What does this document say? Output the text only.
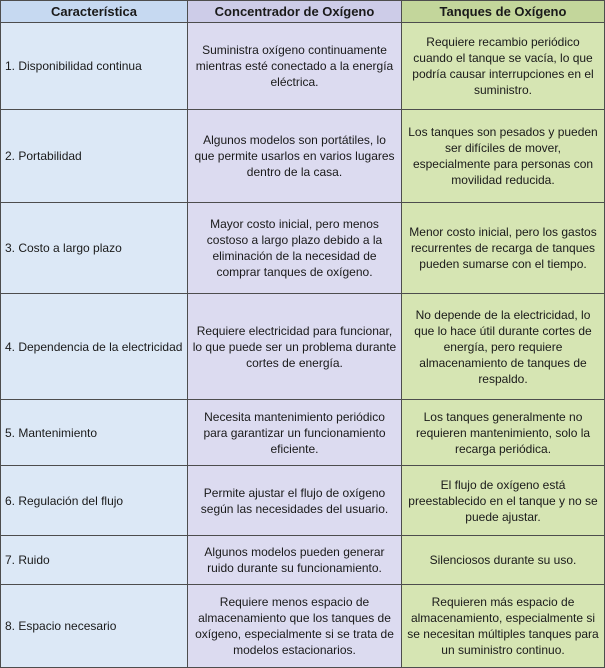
Característica	Concentrador de Oxígeno	Tanques de Oxígeno
1. Disponibilidad continua	Suministra oxígeno continuamente mientras esté conectado a la energía eléctrica.	Requiere recambio periódico cuando el tanque se vacía, lo que podría causar interrupciones en el suministro.
2. Portabilidad	Algunos modelos son portátiles, lo que permite usarlos en varios lugares dentro de la casa.	Los tanques son pesados y pueden ser difíciles de mover, especialmente para personas con movilidad reducida.
3. Costo a largo plazo	Mayor costo inicial, pero menos costoso a largo plazo debido a la eliminación de la necesidad de comprar tanques de oxígeno.	Menor costo inicial, pero los gastos recurrentes de recarga de tanques pueden sumarse con el tiempo.
4. Dependencia de la electricidad	Requiere electricidad para funcionar, lo que puede ser un problema durante cortes de energía.	No depende de la electricidad, lo que lo hace útil durante cortes de energía, pero requiere almacenamiento de tanques de respaldo.
5. Mantenimiento	Necesita mantenimiento periódico para garantizar un funcionamiento eficiente.	Los tanques generalmente no requieren mantenimiento, solo la recarga periódica.
6. Regulación del flujo	Permite ajustar el flujo de oxígeno según las necesidades del usuario.	El flujo de oxígeno está preestablecido en el tanque y no se puede ajustar.
7. Ruido	Algunos modelos pueden generar ruido durante su funcionamiento.	Silenciosos durante su uso.
8. Espacio necesario	Requiere menos espacio de almacenamiento que los tanques de oxígeno, especialmente si se trata de modelos estacionarios.	Requieren más espacio de almacenamiento, especialmente si se necesitan múltiples tanques para un suministro continuo.
